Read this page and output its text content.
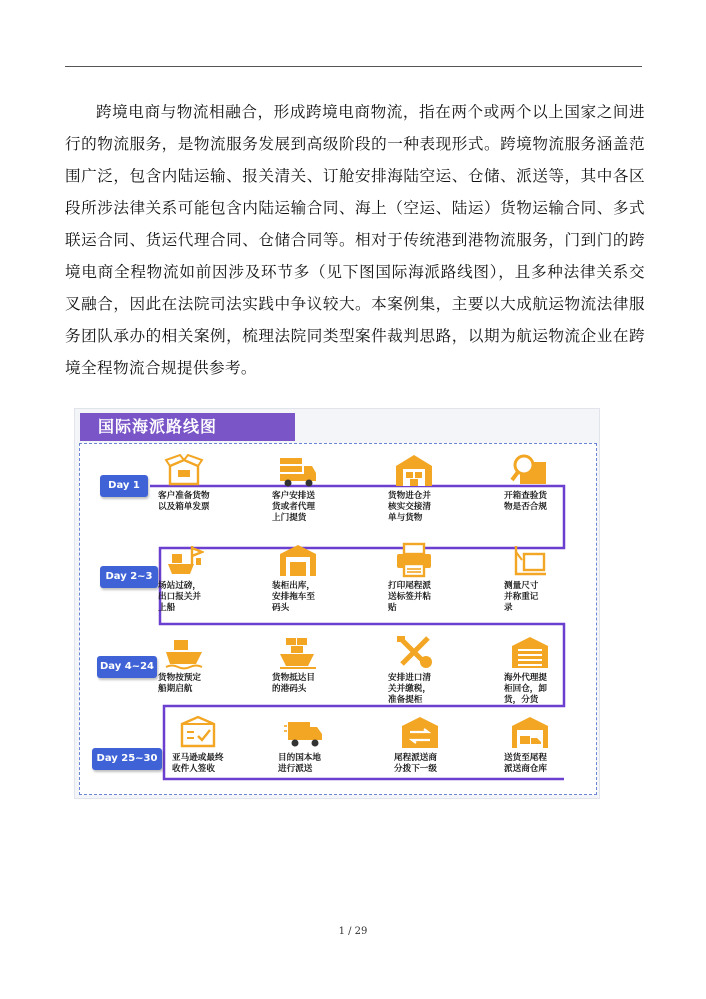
跨境电商与物流相融合，形成跨境电商物流，指在两个或两个以上国家之间进行的物流服务，是物流服务发展到高级阶段的一种表现形式。跨境物流服务涵盖范围广泛，包含内陆运输、报关清关、订舱安排海陆空运、仓储、派送等，其中各区段所涉法律关系可能包含内陆运输合同、海上（空运、陆运）货物运输合同、多式联运合同、货运代理合同、仓储合同等。相对于传统港到港物流服务，门到门的跨境电商全程物流如前因涉及环节多（见下图国际海派路线图），且多种法律关系交叉融合，因此在法院司法实践中争议较大。本案例集，主要以大成航运物流法律服务团队承办的相关案例，梳理法院同类型案件裁判思路，以期为航运物流企业在跨境全程物流合规提供参考。

国际海派路线图
Day 1
Day 2~3
Day 4~24
Day 25~30
客户准备货物
以及箱单发票
客户安排送
货或者代理
上门提货
货物进仓并
核实交接清
单与货物
开箱查验货
物是否合规
场站过磅，
出口报关并
上船
装柜出库，
安排拖车至
码头
打印尾程派
送标签并粘
贴
测量尺寸
并称重记
录
货物按预定
船期启航
货物抵达目
的港码头
安排进口清
关并缴税，
准备提柜
海外代理提
柜回仓，卸
货，分货
亚马逊或最终
收件人签收
目的国本地
进行派送
尾程派送商
分拨下一级
送货至尾程
派送商仓库
1 / 29
